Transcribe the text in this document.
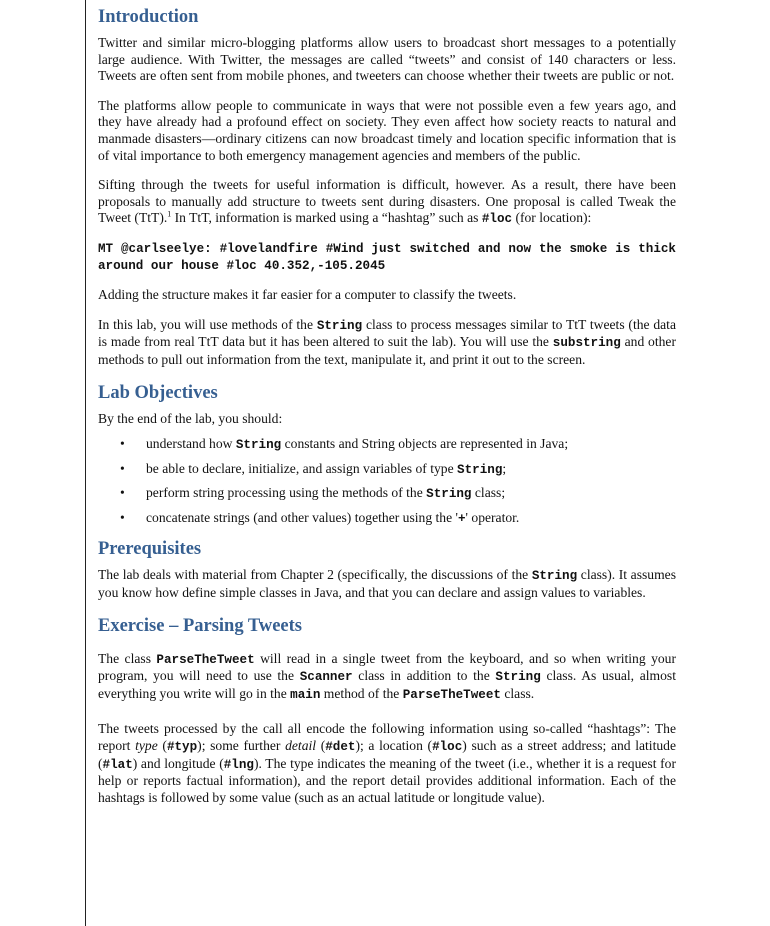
Introduction

Twitter and similar micro-blogging platforms allow users to broadcast short messages to a potentially large audience. With Twitter, the messages are called “tweets” and consist of 140 characters or less. Tweets are often sent from mobile phones, and tweeters can choose whether their tweets are public or not.

The platforms allow people to communicate in ways that were not possible even a few years ago, and they have already had a profound effect on society. They even affect how society reacts to natural and manmade disasters—ordinary citizens can now broadcast timely and location specific information that is of vital importance to both emergency management agencies and members of the public.

Sifting through the tweets for useful information is difficult, however. As a result, there have been proposals to manually add structure to tweets sent during disasters. One proposal is called Tweak the Tweet (TtT).$^1$ In TtT, information is marked using a “hashtag” such as #loc (for location):

MT @carlseelye: #lovelandfire #Wind just switched and now the smoke is thick around our house #loc 40.352,-105.2045

Adding the structure makes it far easier for a computer to classify the tweets.

In this lab, you will use methods of the String class to process messages similar to TtT tweets (the data is made from real TtT data but it has been altered to suit the lab). You will use the substring and other methods to pull out information from the text, manipulate it, and print it out to the screen.

Lab Objectives

By the end of the lab, you should:

• understand how String constants and String objects are represented in Java;
• be able to declare, initialize, and assign variables of type String;
• perform string processing using the methods of the String class;
• concatenate strings (and other values) together using the '+' operator.
Prerequisites

The lab deals with material from Chapter 2 (specifically, the discussions of the String class). It assumes you know how define simple classes in Java, and that you can declare and assign values to variables.

Exercise – Parsing Tweets

The class ParseTheTweet will read in a single tweet from the keyboard, and so when writing your program, you will need to use the Scanner class in addition to the String class. As usual, almost everything you write will go in the main method of the ParseTheTweet class.

The tweets processed by the call all encode the following information using so-called “hashtags”: The report type (#typ); some further detail (#det); a location (#loc) such as a street address; and latitude (#lat) and longitude (#lng). The type indicates the meaning of the tweet (i.e., whether it is a request for help or reports factual information), and the report detail provides additional information. Each of the hashtags is followed by some value (such as an actual latitude or longitude value).
